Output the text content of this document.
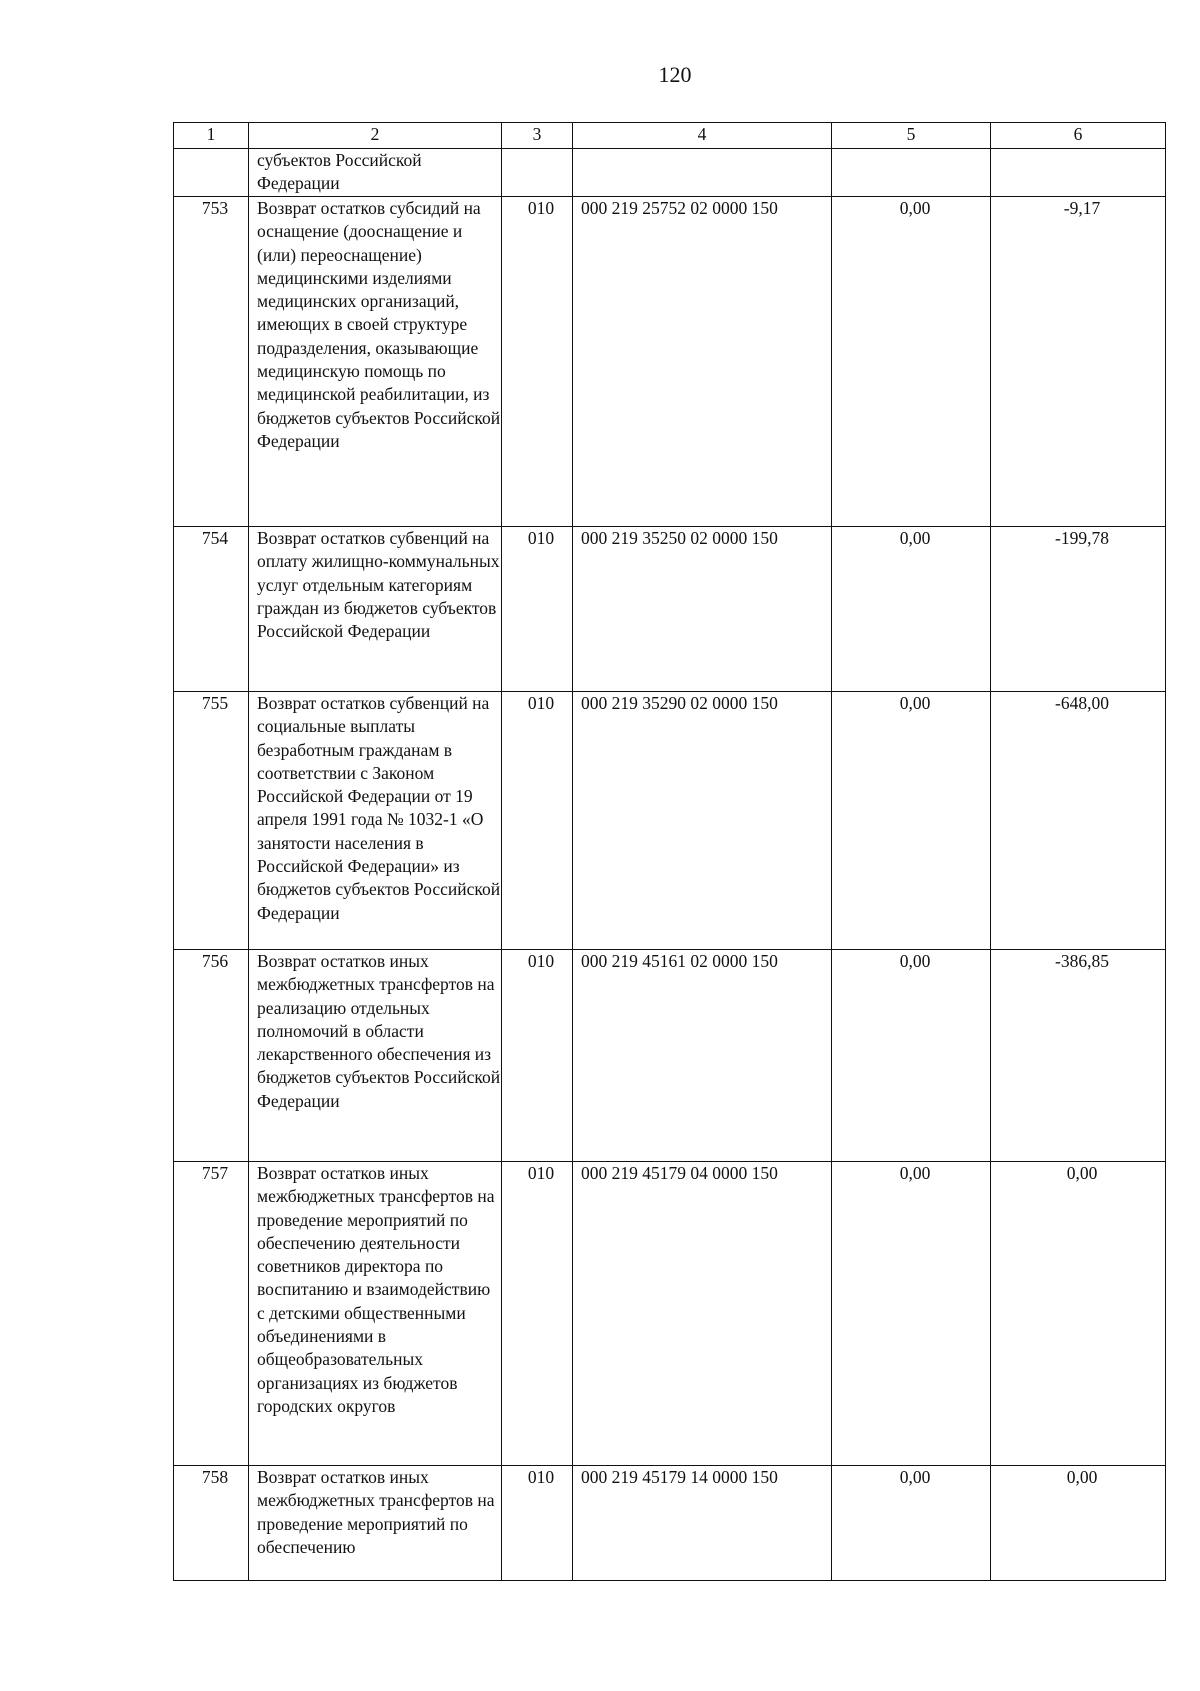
120
1	2	3	4	5	6
	субъектов Российской Федерации				
753	Возврат остатков субсидий на оснащение (дооснащение и (или) переоснащение) медицинскими изделиями медицинских организаций, имеющих в своей структуре подразделения, оказывающие медицинскую помощь по медицинской реабилитации, из бюджетов субъектов Российской Федерации	010	000 219 25752 02 0000 150	0,00	-9,17
754	Возврат остатков субвенций на оплату жилищно-коммунальных услуг отдельным категориям граждан из бюджетов субъектов Российской Федерации	010	000 219 35250 02 0000 150	0,00	-199,78
755	Возврат остатков субвенций на социальные выплаты безработным гражданам в соответствии с Законом Российской Федерации от 19 апреля 1991 года № 1032-1 «О занятости населения в Российской Федерации» из бюджетов субъектов Российской Федерации	010	000 219 35290 02 0000 150	0,00	-648,00
756	Возврат остатков иных межбюджетных трансфертов на реализацию отдельных полномочий в области лекарственного обеспечения из бюджетов субъектов Российской Федерации	010	000 219 45161 02 0000 150	0,00	-386,85
757	Возврат остатков иных межбюджетных трансфертов на проведение мероприятий по обеспечению деятельности советников директора по воспитанию и взаимодействию с детскими общественными объединениями в общеобразовательных организациях из бюджетов городских округов	010	000 219 45179 04 0000 150	0,00	0,00
758	Возврат остатков иных межбюджетных трансфертов на проведение мероприятий по обеспечению	010	000 219 45179 14 0000 150	0,00	0,00
